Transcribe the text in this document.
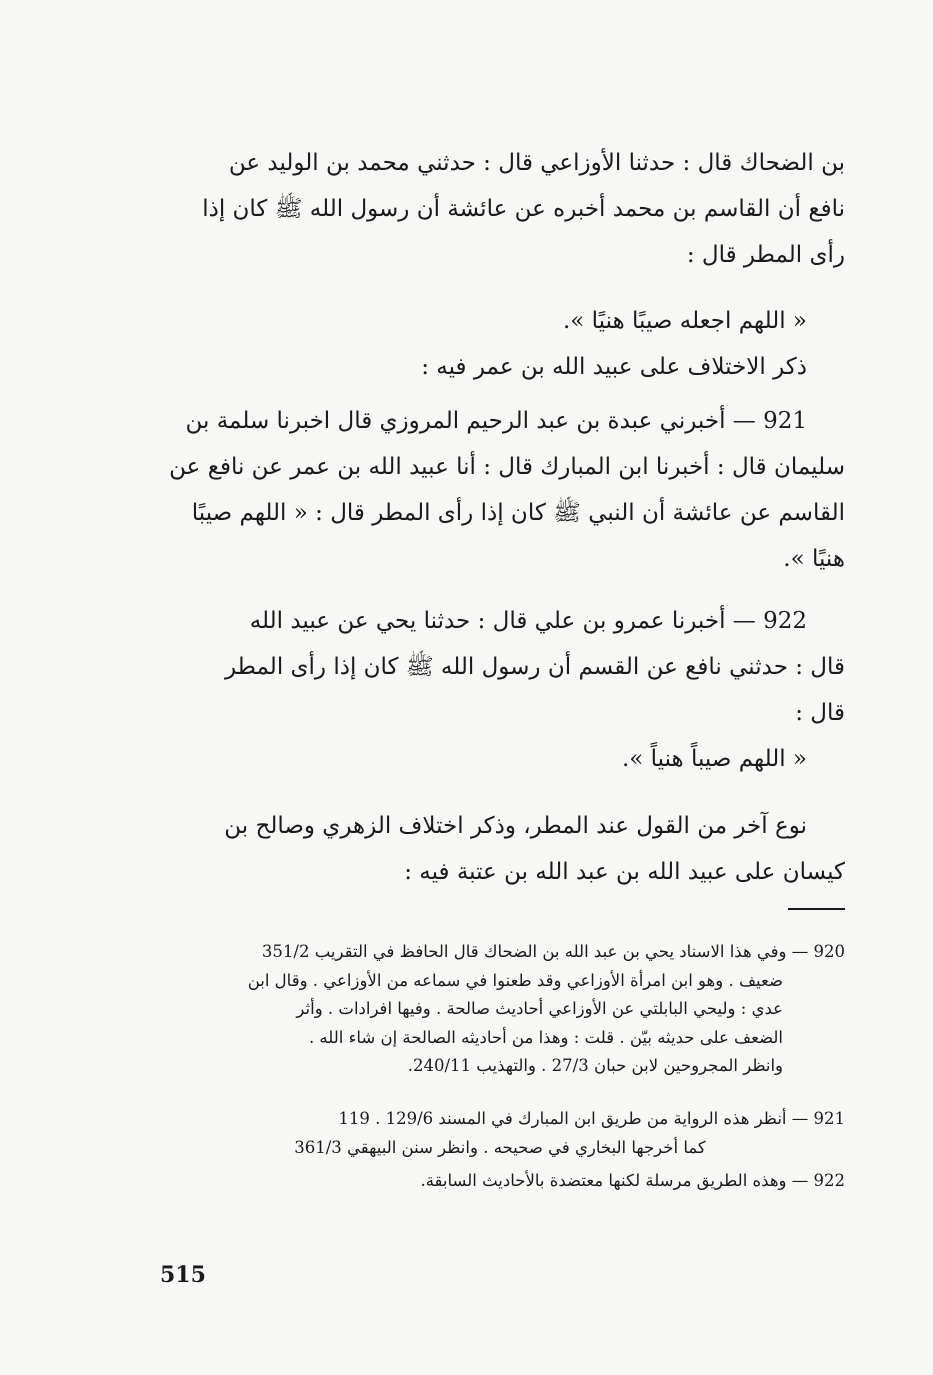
بن الضحاك قال : حدثنا الأوزاعي قال : حدثني محمد بن الوليد عن

نافع أن القاسم بن محمد أخبره عن عائشة أن رسول الله ﷺ كان إذا

رأى المطر قال :

« اللهم اجعله صيبًا هنيًا ».

ذكر الاختلاف على عبيد الله بن عمر فيه :

921 — أخبرني عبدة بن عبد الرحيم المروزي قال اخبرنا سلمة بن

سليمان قال : أخبرنا ابن المبارك قال : أنا عبيد الله بن عمر عن نافع عن

القاسم عن عائشة أن النبي ﷺ كان إذا رأى المطر قال : « اللهم صيبًا

هنيًا ».

922 — أخبرنا عمرو بن علي قال : حدثنا يحي عن عبيد الله

قال : حدثني نافع عن القسم أن رسول الله ﷺ كان إذا رأى المطر

قال :

« اللهم صيباً هنياً ».

نوع آخر من القول عند المطر، وذكر اختلاف الزهري وصالح بن

كيسان على عبيد الله بن عبد الله بن عتبة فيه :

920 — وفي هذا الاسناد يحي بن عبد الله بن الضحاك قال الحافظ في التقريب 351/2

ضعيف . وهو ابن امرأة الأوزاعي وقد طعنوا في سماعه من الأوزاعي . وقال ابن

عدي : وليحي البابلتي عن الأوزاعي أحاديث صالحة . وفيها افرادات . وأثر

الضعف على حديثه بيّن . قلت : وهذا من أحاديثه الصالحة إن شاء الله .

وانظر المجروحين لابن حبان 27/3 . والتهذيب 240/11.

921 — أنظر هذه الرواية من طريق ابن المبارك في المسند 129/6 . 119

كما أخرجها البخاري في صحيحه . وانظر سنن البيهقي 361/3

922 — وهذه الطريق مرسلة لكنها معتضدة بالأحاديث السابقة.

515
